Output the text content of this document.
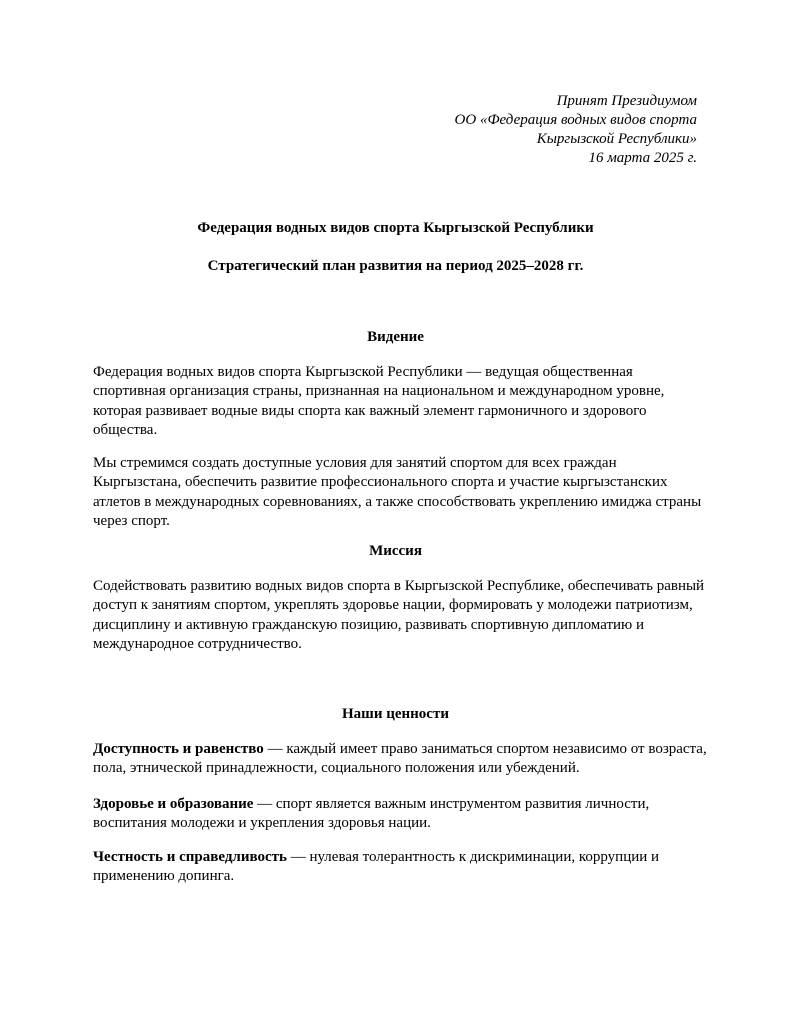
Принят Президиумом
ОО «Федерация водных видов спорта
Кыргызской Республики»
16 марта 2025 г.
Федерация водных видов спорта Кыргызской Республики
Стратегический план развития на период 2025–2028 гг.
Видение

Федерация водных видов спорта Кыргызской Республики — ведущая общественная спортивная организация страны, признанная на национальном и международном уровне, которая развивает водные виды спорта как важный элемент гармоничного и здорового общества.

Мы стремимся создать доступные условия для занятий спортом для всех граждан Кыргызстана, обеспечить развитие профессионального спорта и участие кыргызстанских атлетов в международных соревнованиях, а также способствовать укреплению имиджа страны через спорт.

Миссия

Содействовать развитию водных видов спорта в Кыргызской Республике, обеспечивать равный доступ к занятиям спортом, укреплять здоровье нации, формировать у молодежи патриотизм, дисциплину и активную гражданскую позицию, развивать спортивную дипломатию и международное сотрудничество.

Наши ценности

Доступность и равенство — каждый имеет право заниматься спортом независимо от возраста, пола, этнической принадлежности, социального положения или убеждений.

Здоровье и образование — спорт является важным инструментом развития личности, воспитания молодежи и укрепления здоровья нации.

Честность и справедливость — нулевая толерантность к дискриминации, коррупции и применению допинга.
